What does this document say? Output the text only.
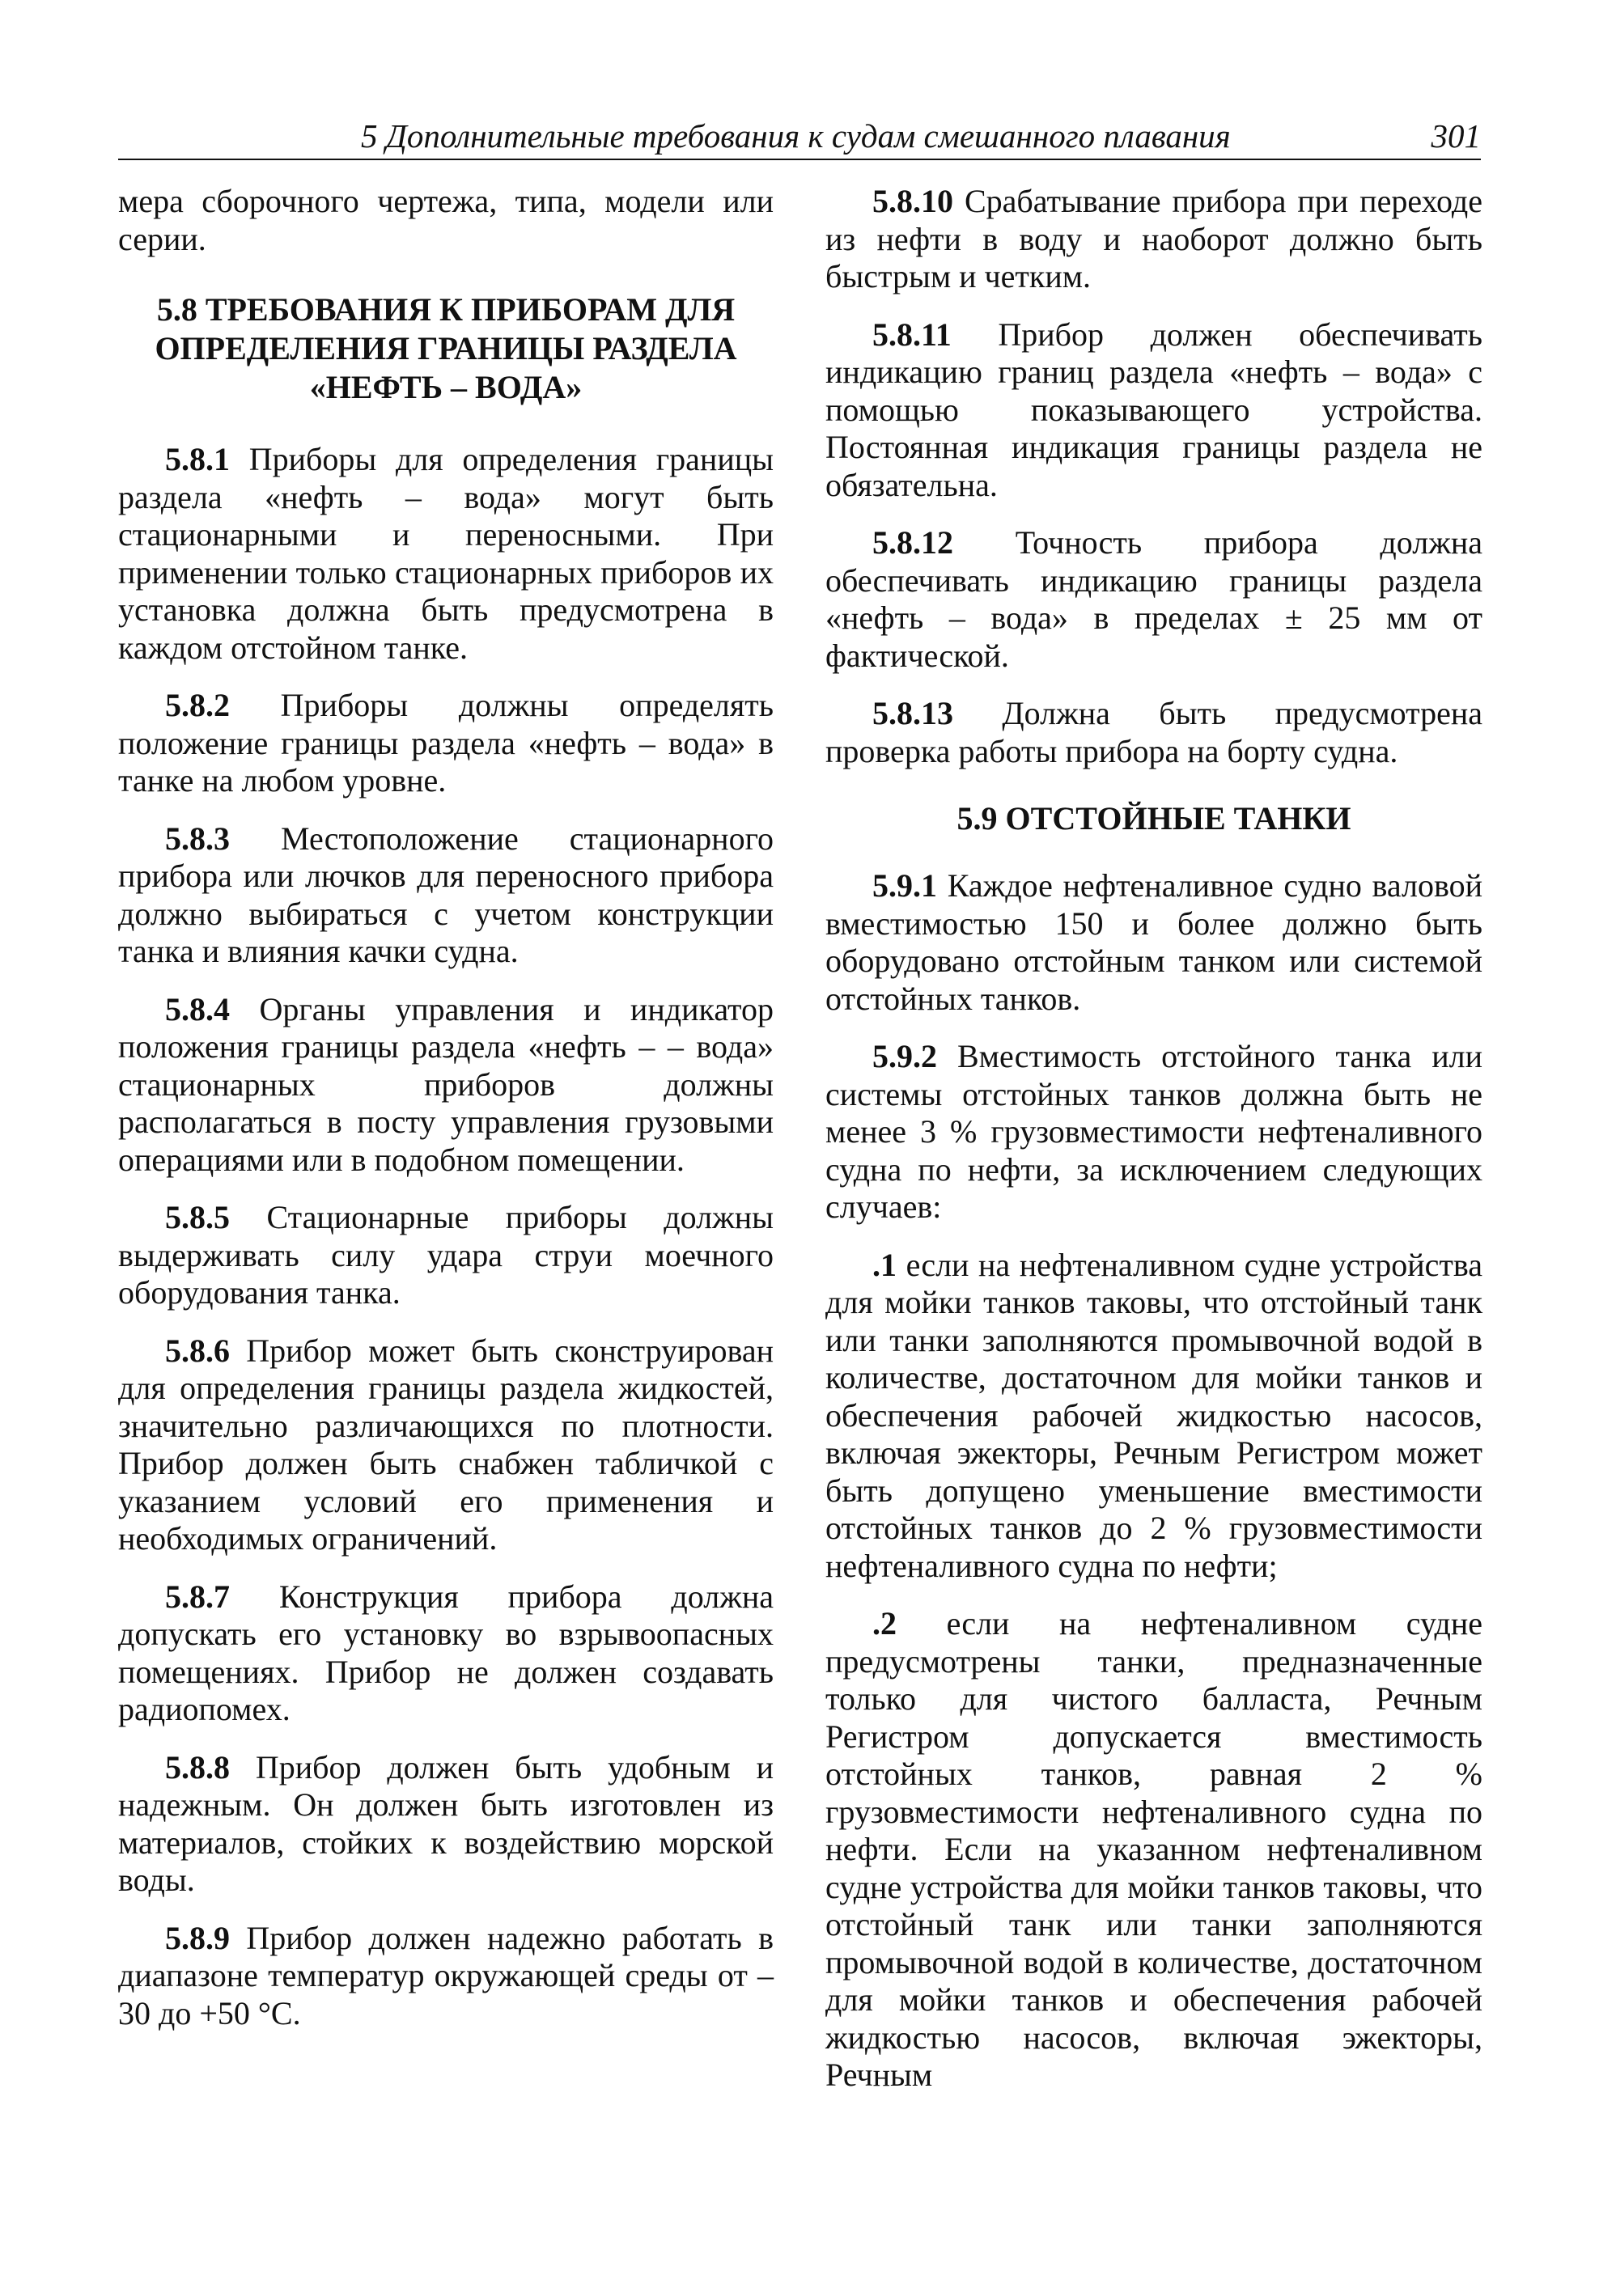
5 Дополнительные требования к судам смешанного плавания	301

мера сборочного чертежа, типа, модели или серии.

5.8 ТРЕБОВАНИЯ К ПРИБОРАМ ДЛЯ ОПРЕДЕЛЕНИЯ ГРАНИЦЫ РАЗДЕЛА «НЕФТЬ – ВОДА»

5.8.1 Приборы для определения границы раздела «нефть – вода» могут быть стационарными и переносными. При применении только стационарных приборов их установка должна быть предусмотрена в каждом отстойном танке.

5.8.2 Приборы должны определять положение границы раздела «нефть – вода» в танке на любом уровне.

5.8.3 Местоположение стационарного прибора или лючков для переносного прибора должно выбираться с учетом конструкции танка и влияния качки судна.

5.8.4 Органы управления и индикатор положения границы раздела «нефть – – вода» стационарных приборов должны располагаться в посту управления грузовыми операциями или в подобном помещении.

5.8.5 Стационарные приборы должны выдерживать силу удара струи моечного оборудования танка.

5.8.6 Прибор может быть сконструирован для определения границы раздела жидкостей, значительно различающихся по плотности. Прибор должен быть снабжен табличкой с указанием условий его применения и необходимых ограничений.

5.8.7 Конструкция прибора должна допускать его установку во взрывоопасных помещениях. Прибор не должен создавать радиопомех.

5.8.8 Прибор должен быть удобным и надежным. Он должен быть изготовлен из материалов, стойких к воздействию морской воды.

5.8.9 Прибор должен надежно работать в диапазоне температур окружающей среды от –30 до +50 °С.

5.8.10 Срабатывание прибора при переходе из нефти в воду и наоборот должно быть быстрым и четким.

5.8.11 Прибор должен обеспечивать индикацию границ раздела «нефть – вода» с помощью показывающего устройства. Постоянная индикация границы раздела не обязательна.

5.8.12 Точность прибора должна обеспечивать индикацию границы раздела «нефть – вода» в пределах ± 25 мм от фактической.

5.8.13 Должна быть предусмотрена проверка работы прибора на борту судна.

5.9 ОТСТОЙНЫЕ ТАНКИ

5.9.1 Каждое нефтеналивное судно валовой вместимостью 150 и более должно быть оборудовано отстойным танком или системой отстойных танков.

5.9.2 Вместимость отстойного танка или системы отстойных танков должна быть не менее 3 % грузовместимости нефтеналивного судна по нефти, за исключением следующих случаев:

.1 если на нефтеналивном судне устройства для мойки танков таковы, что отстойный танк или танки заполняются промывочной водой в количестве, достаточном для мойки танков и обеспечения рабочей жидкостью насосов, включая эжекторы, Речным Регистром может быть допущено уменьшение вместимости отстойных танков до 2 % грузовместимости нефтеналивного судна по нефти;

.2 если на нефтеналивном судне предусмотрены танки, предназначенные только для чистого балласта, Речным Регистром допускается вместимость отстойных танков, равная 2 % грузовместимости нефтеналивного судна по нефти. Если на указанном нефтеналивном судне устройства для мойки танков таковы, что отстойный танк или танки заполняются промывочной водой в количестве, достаточном для мойки танков и обеспечения рабочей жидкостью насосов, включая эжекторы, Речным
